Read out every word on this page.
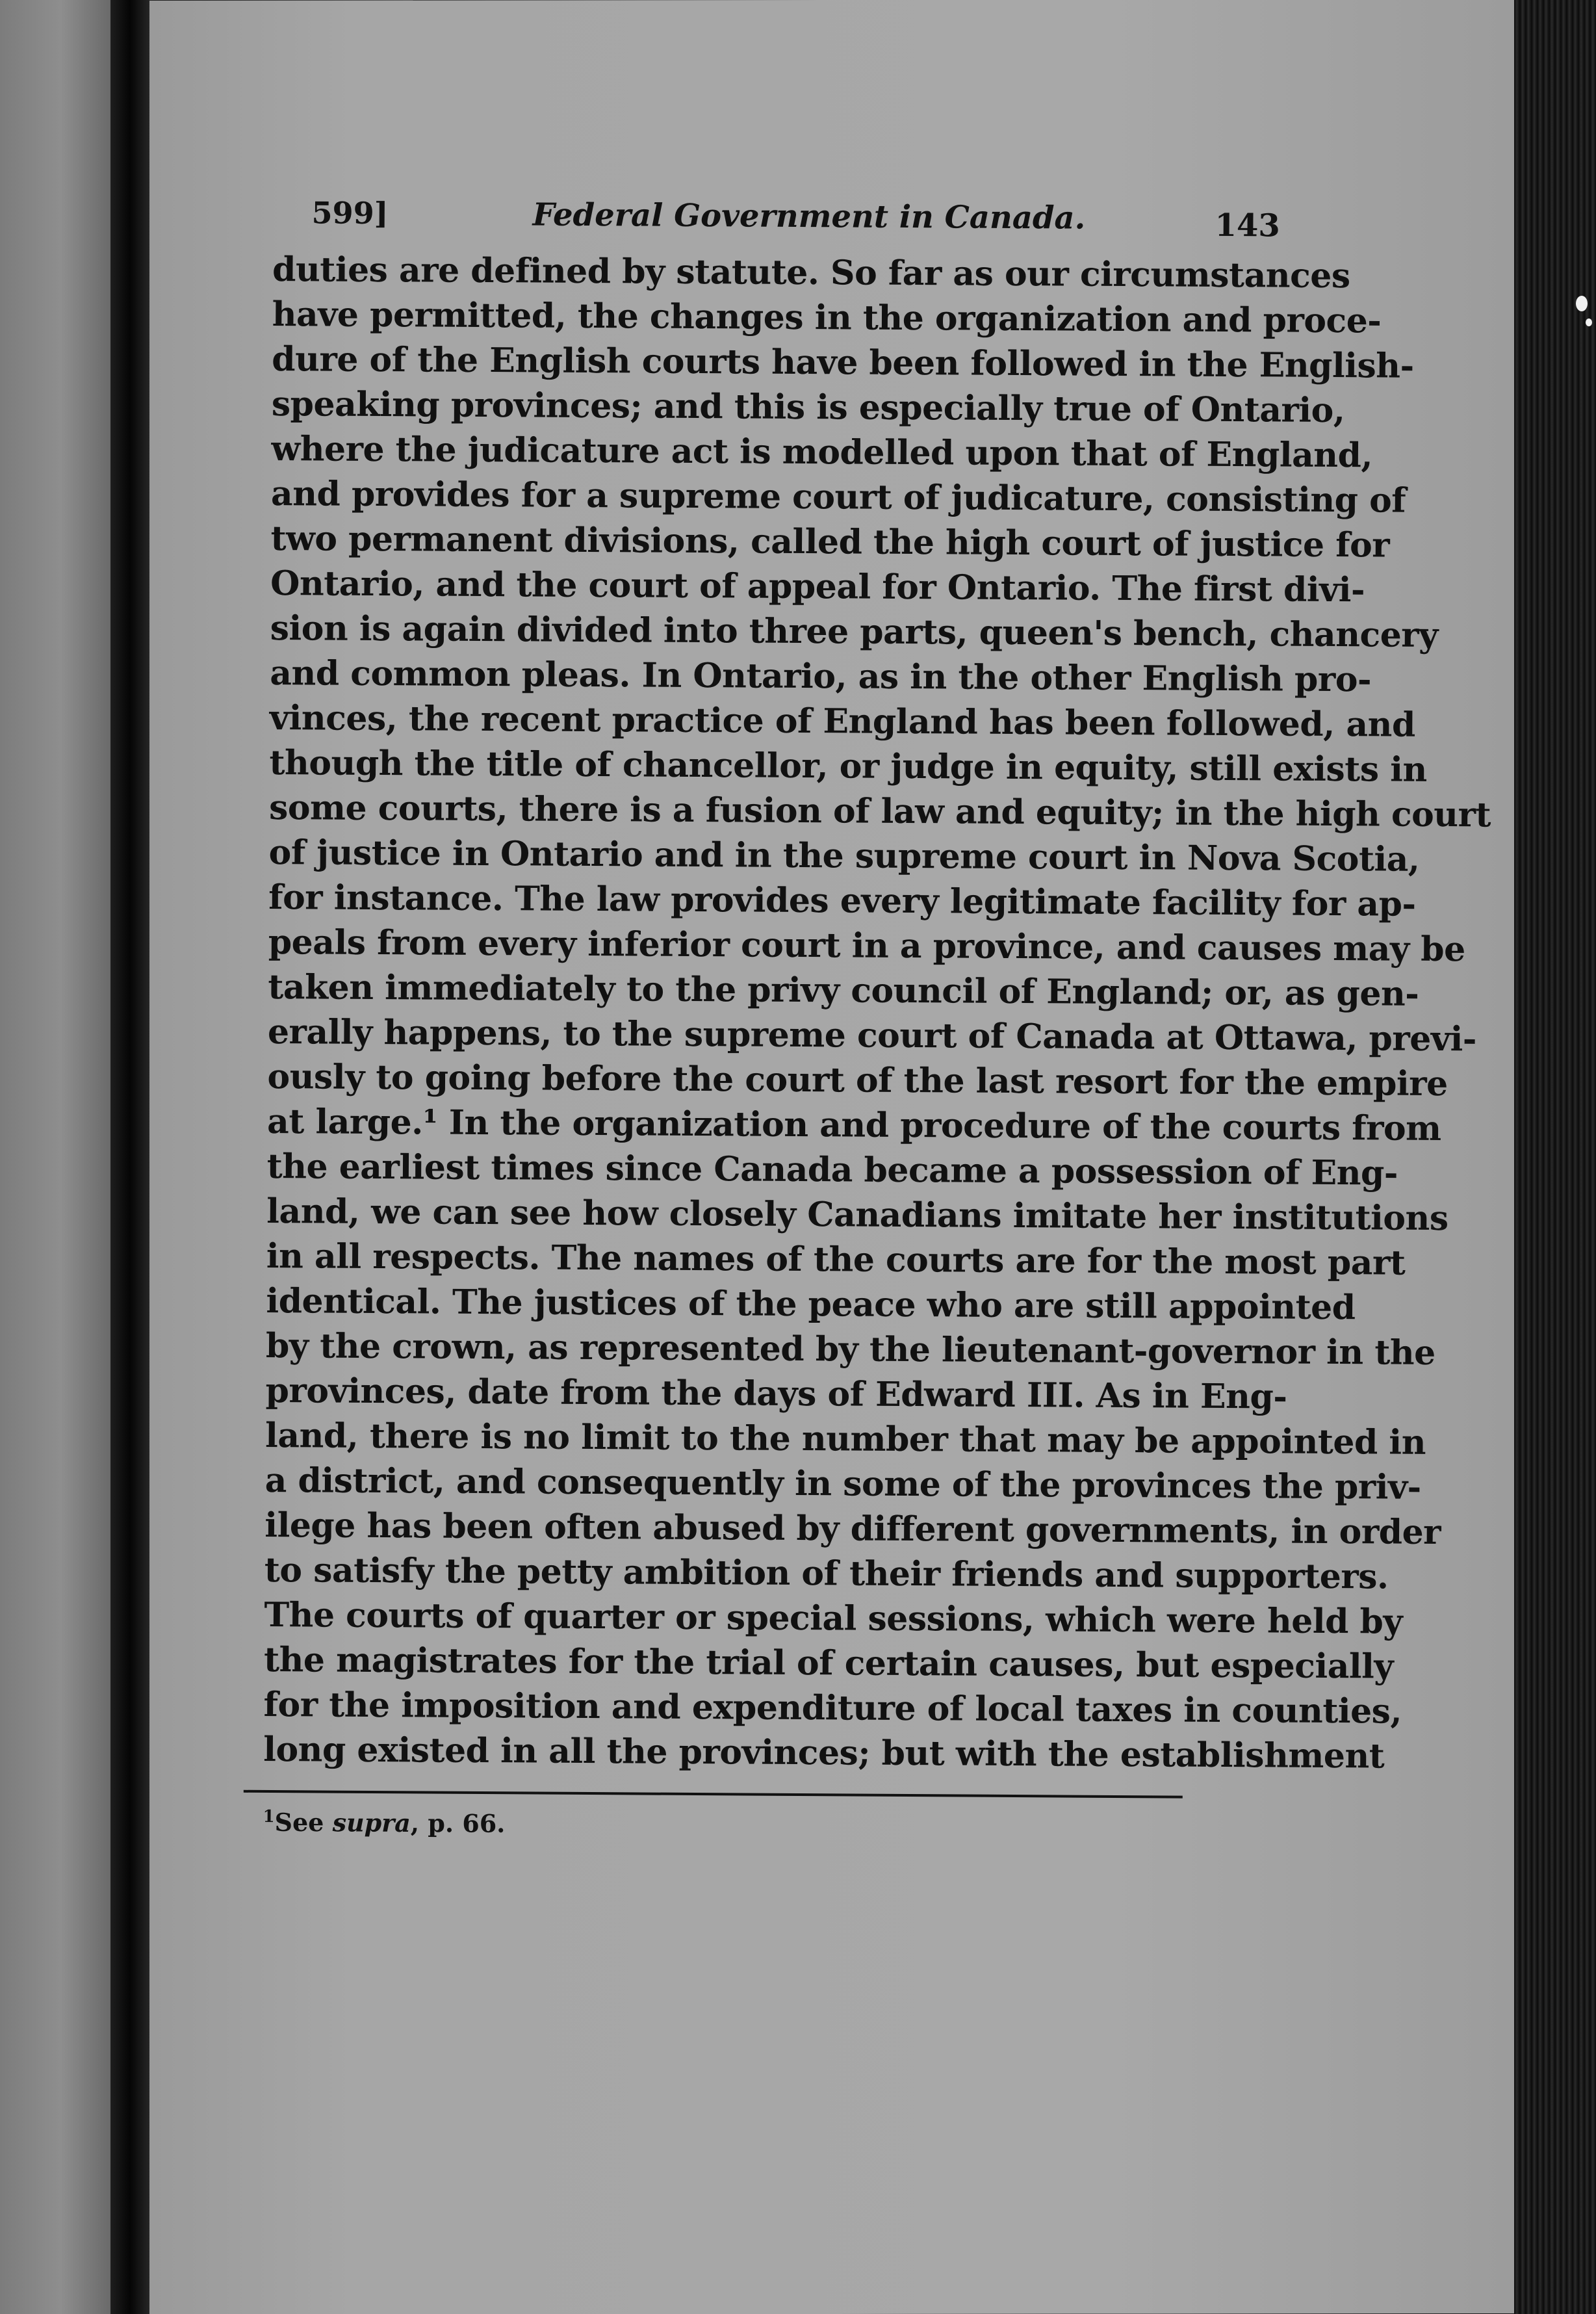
599]	Federal Government in Canada.	143
duties are defined by statute. So far as our circumstances
have permitted, the changes in the organization and proce-
dure of the English courts have been followed in the English-
speaking provinces; and this is especially true of Ontario,
where the judicature act is modelled upon that of England,
and provides for a supreme court of judicature, consisting of
two permanent divisions, called the high court of justice for
Ontario, and the court of appeal for Ontario. The first divi-
sion is again divided into three parts, queen's bench, chancery
and common pleas. In Ontario, as in the other English pro-
vinces, the recent practice of England has been followed, and
though the title of chancellor, or judge in equity, still exists in
some courts, there is a fusion of law and equity; in the high court
of justice in Ontario and in the supreme court in Nova Scotia,
for instance. The law provides every legitimate facility for ap-
peals from every inferior court in a province, and causes may be
taken immediately to the privy council of England; or, as gen-
erally happens, to the supreme court of Canada at Ottawa, previ-
ously to going before the court of the last resort for the empire
at large.¹ In the organization and procedure of the courts from
the earliest times since Canada became a possession of Eng-
land, we can see how closely Canadians imitate her institutions
in all respects. The names of the courts are for the most part
identical. The justices of the peace who are still appointed
by the crown, as represented by the lieutenant-governor in the
provinces, date from the days of Edward III. As in Eng-
land, there is no limit to the number that may be appointed in
a district, and consequently in some of the provinces the priv-
ilege has been often abused by different governments, in order
to satisfy the petty ambition of their friends and supporters.
The courts of quarter or special sessions, which were held by
the magistrates for the trial of certain causes, but especially
for the imposition and expenditure of local taxes in counties,
long existed in all the provinces; but with the establishment
$^1$See supra, p. 66.
